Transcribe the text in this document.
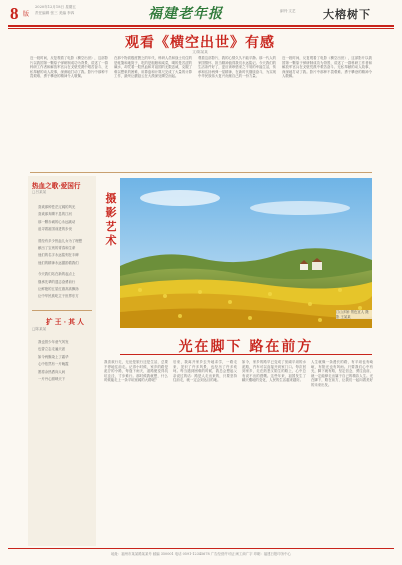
8 版
2020年12月18日 星期五
责任编辑 张三 美编 李四	福建老年报	副刊·文艺 大榕树下
观看《横空出世》有感
文/陈某某
近一段时间，反复观看了电影《横空出世》，这部影片以我国第一颗原子弹研制成功为背景，讲述了一群科研工作者和解放军官兵在戈壁荒漠中艰苦奋斗、无私奉献的动人故事，深深地打动了我。影片中那种不畏艰难、勇于攀登的精神令人敬佩。
在那个物质极度匮乏的年代，科研人员和战士们住的是帐篷和地窝子，吃的是粗粮和咸菜，喝的是苦涩的碱水，却凭着一腔热血和对祖国的无限忠诚，克服了难以想象的困难，用算盘和计算尺完成了大量的计算工作，最终让蘑菇云在大漠深处腾空而起。
观看这部影片，我的心情久久不能平静。那一代人的家国情怀、担当精神值得我们永远铭记。今天我们的生活条件好了，更应该珍惜来之不易的幸福生活，传承和弘扬两弹一星精神，在新时代继续奋斗，为实现中华民族伟大复兴贡献自己的一份力量。
近一段时间，反复观看了电影《横空出世》，这部影片以我国第一颗原子弹研制成功为背景，讲述了一群科研工作者和解放军官兵在戈壁荒漠中艰苦奋斗、无私奉献的动人故事，深深地打动了我。影片中那种不畏艰难、勇于攀登的精神令人敬佩。
热血之歌·爱国行
□吕某某
喜欢那种苍茫辽阔的风光
喜欢那奔腾不息的江河
那一颗赤诚的心永远跳动
追寻着祖国前进的步伐
曾经有多少热血儿女为了理想
献出了宝贵的青春和生命
他们的名字永远铭刻在丰碑
他们的精神永远激励着我们
今天我们站在新的起点上
继承先辈的遗志奋勇前行
让鲜艳的五星红旗高高飘扬
让中华民族屹立于世界东方
扩 王 · 其 人
□陈某某
我也曾少年意气风发
也曾立志走遍天涯
如今两鬓染上了霜华
心中依然有一片晚霞
愿将余热洒向人间
一片丹心照映天下
摄影艺术
江山多娇 景色宜人 摄影 王某某
光在脚下 路在前方
我喜欢行走，无论是旅行还是生活，总要不停地往前走。记得小时候，家乡的路是泥泞的小路，每逢下雨天，道路便变得坑坑洼洼，寸步难行。那时候我就想，什么时候能走上一条平坦宽阔的大路呢？
后来，我离开家乡去外地求学，一路走来，见识了许多风景，也经历了许多坎坷。每当遇到困难的时候，我总会想起父亲说过的话：路是人走出来的，只要坚持往前走，就一定会到达目的地。
如今，家乡的路早已变成了宽阔平坦的水泥路，汽车可以直接开到家门口。每次回到家乡，走在熟悉又陌生的路上，心中总有说不出的感慨。这些年来，祖国发生了翻天覆地的变化，人民的生活越来越好。
人生就像一条漫长的路，有平坦也有崎岖，有阳光也有风雨。只要我们心中有光，脚下就有路，坚定信念，勇往直前，就一定能够走出属于自己的精彩人生。光在脚下，路在前方，让我们一起向着美好的未来出发。
地址：福州市某某路某某号 邮编 350001 电话 0591-12345678 广告经营许可证 闽工商广字 印刷：福建日报印务中心
